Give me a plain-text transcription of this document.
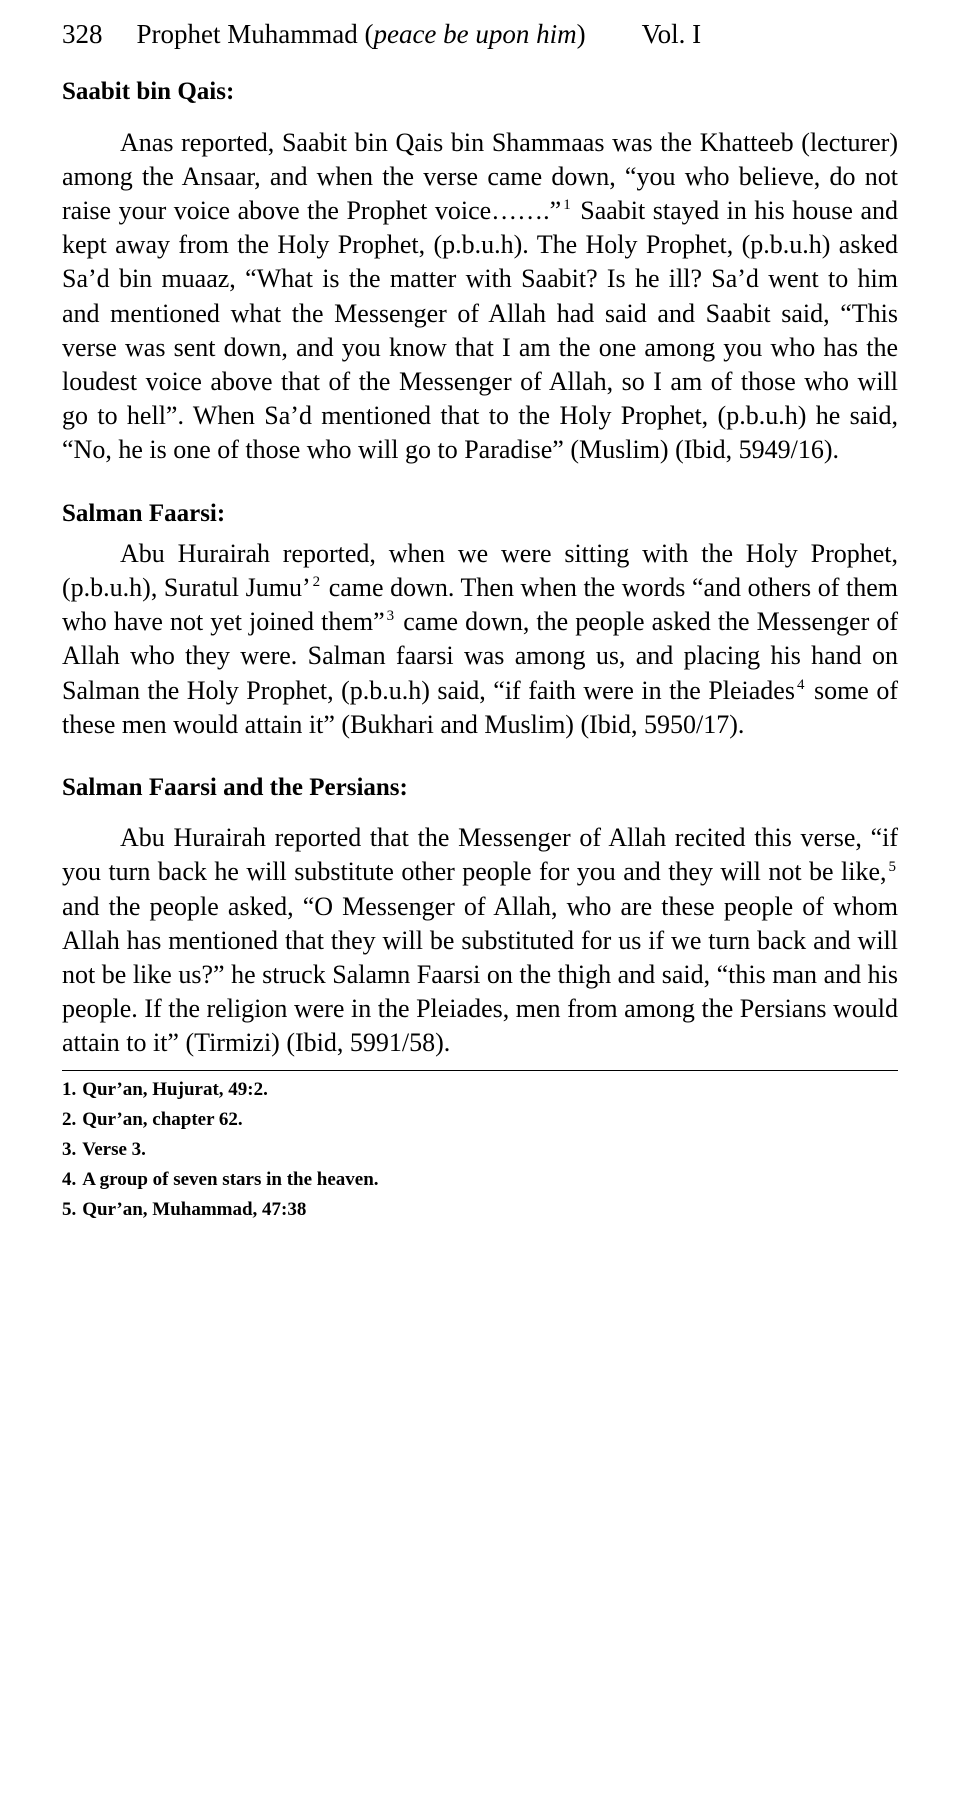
328 Prophet Muhammad (peace be upon him) Vol. I
Saabit bin Qais:

Anas reported, Saabit bin Qais bin Shammaas was the Khatteeb (lecturer) among the Ansaar, and when the verse came down, “you who believe, do not raise your voice above the Prophet voice…….” $^1$ Saabit stayed in his house and kept away from the Holy Prophet, (p.b.u.h). The Holy Prophet, (p.b.u.h) asked Sa’d bin muaaz, “What is the matter with Saabit? Is he ill? Sa’d went to him and mentioned what the Messenger of Allah had said and Saabit said, “This verse was sent down, and you know that I am the one among you who has the loudest voice above that of the Messenger of Allah, so I am of those who will go to hell”. When Sa’d mentioned that to the Holy Prophet, (p.b.u.h) he said, “No, he is one of those who will go to Paradise” (Muslim) (Ibid, 5949/16).

Salman Faarsi:

Abu Hurairah reported, when we were sitting with the Holy Prophet, (p.b.u.h), Suratul Jumu’ $^2$ came down. Then when the words “and others of them who have not yet joined them” $^3$ came down, the people asked the Messenger of Allah who they were. Salman faarsi was among us, and placing his hand on Salman the Holy Prophet, (p.b.u.h) said, “if faith were in the Pleiades $^4$ some of these men would attain it” (Bukhari and Muslim) (Ibid, 5950/17).

Salman Faarsi and the Persians:

Abu Hurairah reported that the Messenger of Allah recited this verse, “if you turn back he will substitute other people for you and they will not be like, $^5$ and the people asked, “O Messenger of Allah, who are these people of whom Allah has mentioned that they will be substituted for us if we turn back and will not be like us?” he struck Salamn Faarsi on the thigh and said, “this man and his people. If the religion were in the Pleiades, men from among the Persians would attain to it” (Tirmizi) (Ibid, 5991/58).

1. Qur’an, Hujurat, 49:2.

2. Qur’an, chapter 62.

3. Verse 3.

4. A group of seven stars in the heaven.

5. Qur’an, Muhammad, 47:38
